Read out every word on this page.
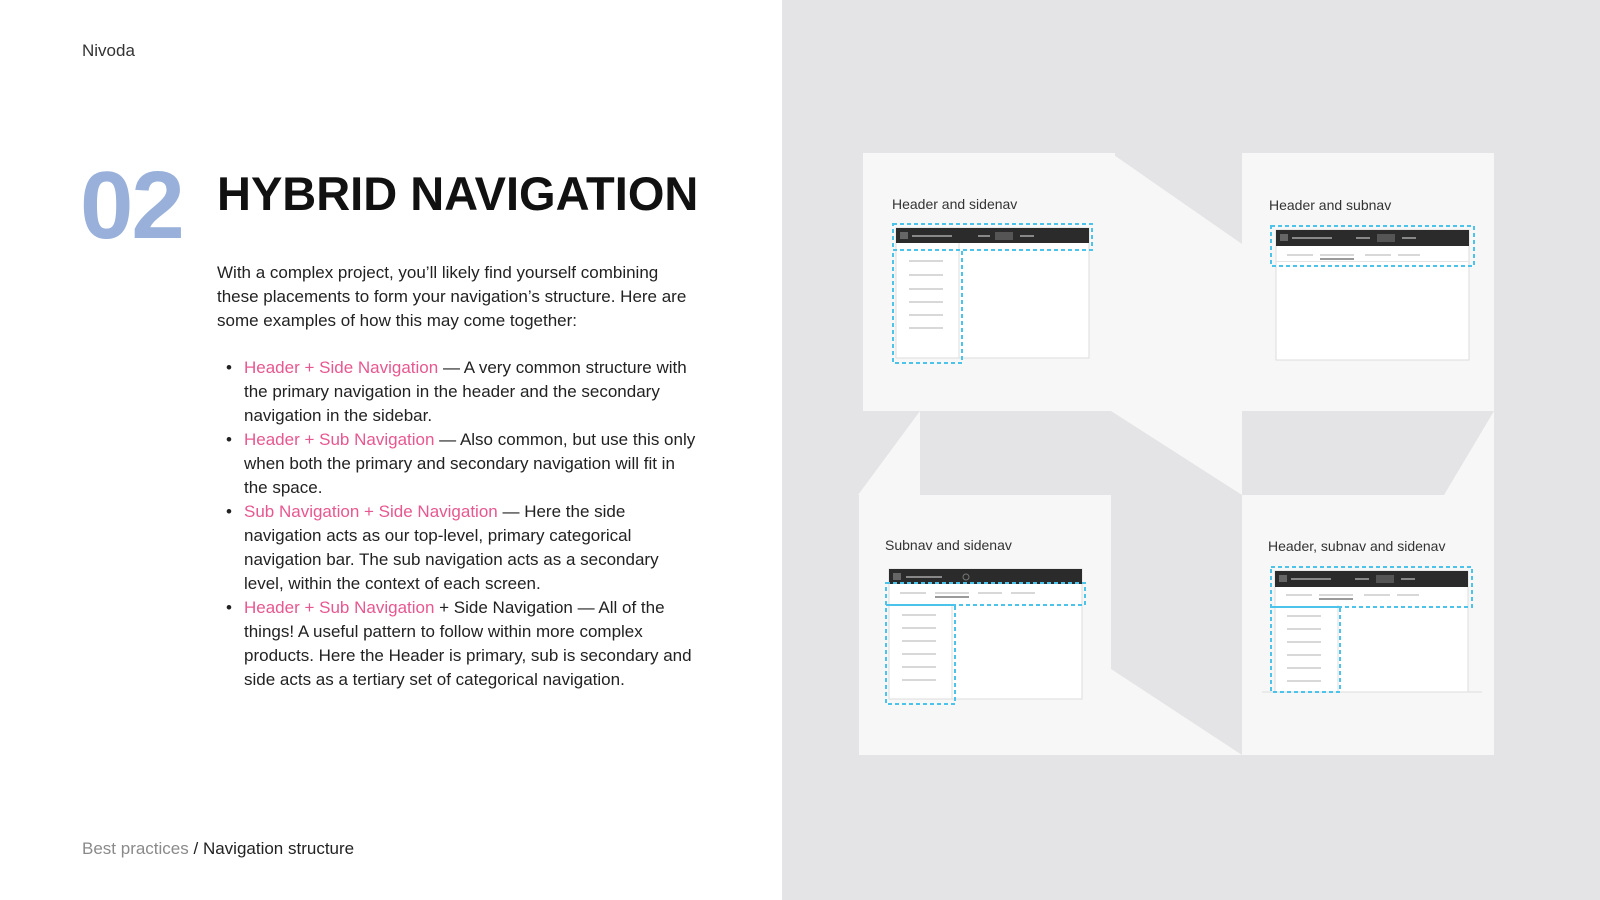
Nivoda
02 HYBRID NAVIGATION

With a complex project, you’ll likely find yourself combining these placements to form your navigation’s structure. Here are some examples of how this may come together:

• Header + Side Navigation — A very common structure with the primary navigation in the header and the secondary navigation in the sidebar.
• Header + Sub Navigation — Also common, but use this only when both the primary and secondary navigation will fit in the space.
• Sub Navigation + Side Navigation — Here the side navigation acts as our top-level, primary categorical navigation bar. The sub navigation acts as a secondary level, within the context of each screen.
• Header + Sub Navigation + Side Navigation — All of the things! A useful pattern to follow within more complex products. Here the Header is primary, sub is secondary and side acts as a tertiary set of categorical navigation.
Best practices / Navigation structure
Header and sidenav	Header and subnav
Subnav and sidenav	Header, subnav and sidenav
